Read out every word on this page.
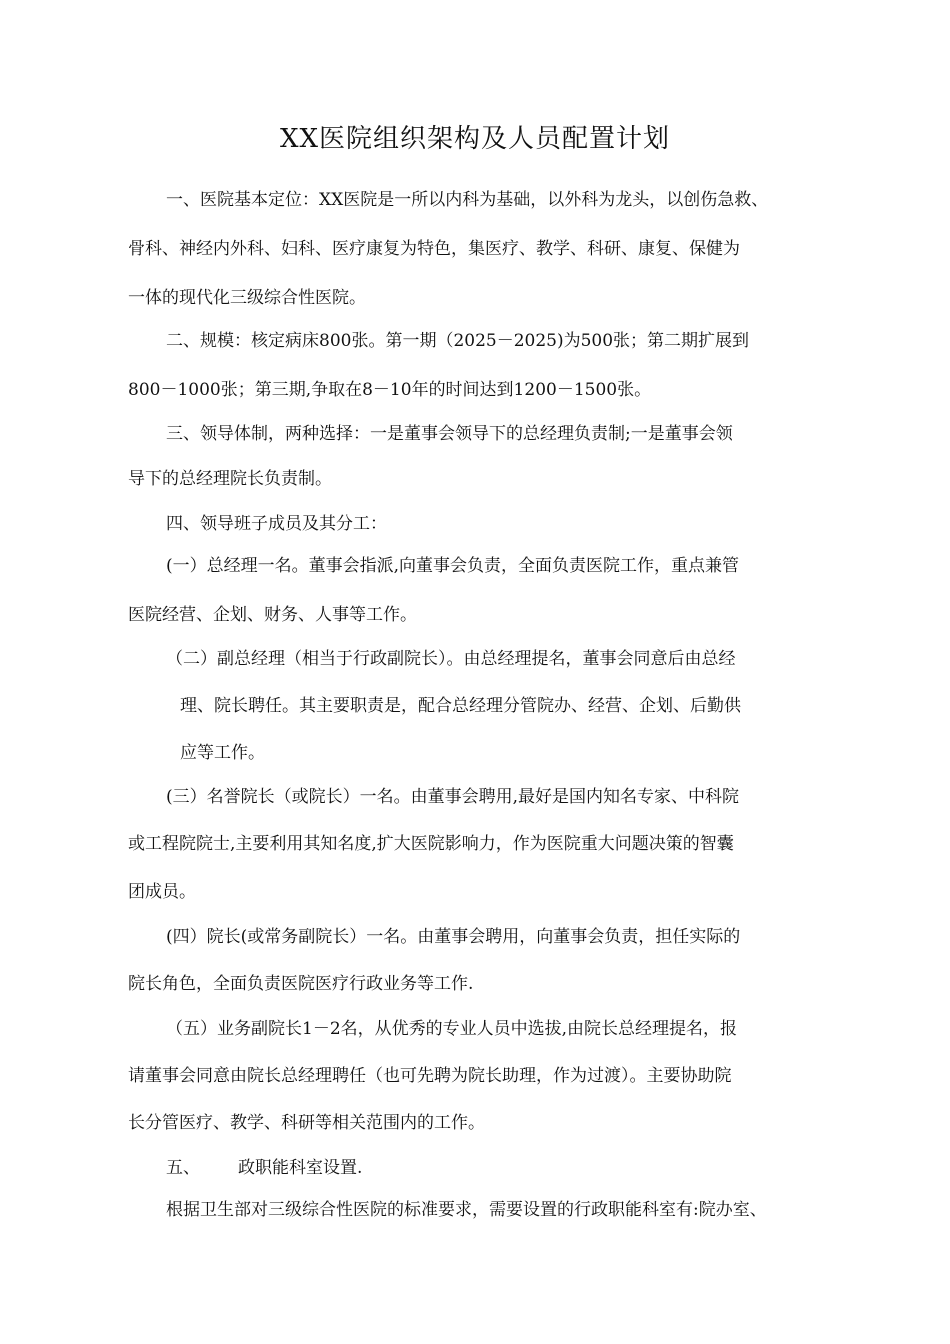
XX医院组织架构及人员配置计划
一、医院基本定位：XX医院是一所以内科为基础，以外科为龙头，以创伤急救、
骨科、神经内外科、妇科、医疗康复为特色，集医疗、教学、科研、康复、保健为
一体的现代化三级综合性医院。
二、规模：核定病床800张。第一期（2025－2025)为500张；第二期扩展到
800－1000张；第三期,争取在8－10年的时间达到1200－1500张。
三、领导体制，两种选择：一是董事会领导下的总经理负责制;一是董事会领
导下的总经理院长负责制。
四、领导班子成员及其分工：
(一）总经理一名。董事会指派,向董事会负责，全面负责医院工作，重点兼管
医院经营、企划、财务、人事等工作。
（二）副总经理（相当于行政副院长）。由总经理提名，董事会同意后由总经
理、院长聘任。其主要职责是，配合总经理分管院办、经营、企划、后勤供
应等工作。
(三）名誉院长（或院长）一名。由董事会聘用,最好是国内知名专家、中科院
或工程院院士,主要利用其知名度,扩大医院影响力，作为医院重大问题决策的智囊
团成员。
(四）院长(或常务副院长）一名。由董事会聘用，向董事会负责，担任实际的
院长角色，全面负责医院医疗行政业务等工作.
（五）业务副院长1－2名，从优秀的专业人员中选拔,由院长总经理提名，报
请董事会同意由院长总经理聘任（也可先聘为院长助理，作为过渡）。主要协助院
长分管医疗、教学、科研等相关范围内的工作。
五、 政职能科室设置.
根据卫生部对三级综合性医院的标准要求，需要设置的行政职能科室有:院办室、
